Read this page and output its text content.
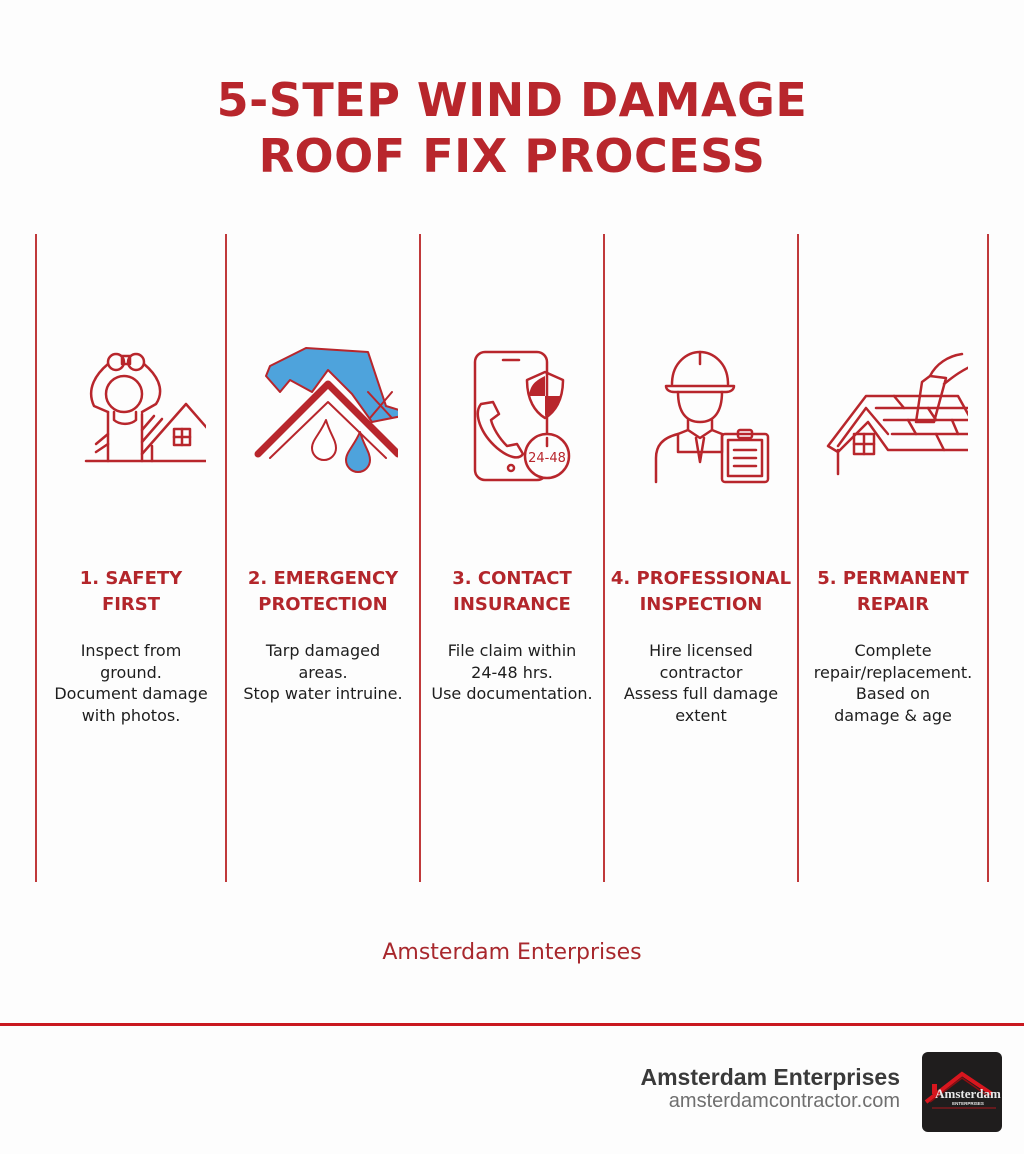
5-STEP WIND DAMAGE
ROOF FIX PROCESS
1. SAFETY
FIRST
Inspect from
ground.
Document damage
with photos.
2. EMERGENCY
PROTECTION
Tarp damaged
areas.
Stop water intruine.
24-48
3. CONTACT
INSURANCE
File claim within
24-48 hrs.
Use documentation.
4. PROFESSIONAL
INSPECTION
Hire licensed
contractor
Assess full damage
extent
5. PERMANENT
REPAIR
Complete
repair/replacement.
Based on
damage & age
Amsterdam Enterprises
Amsterdam Enterprises
amsterdamcontractor.com	Amsterdam
ENTERPRISES
